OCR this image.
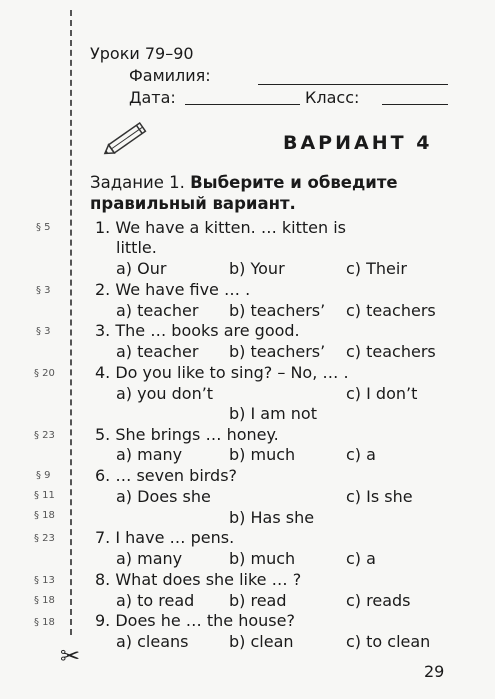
✂
Уроки 79–90
Фамилия:
Дата:	Класс:
ВАРИАНТ 4
Задание 1. Выберите и обведите
правильный вариант.
§ 5	1. We have a kitten. … kitten is
little.
a) Our	b) Your	c) Their
§ 3	2. We have five … .
a) teacher b) teachers’ c) teachers
§ 3	3. The … books are good.
a) teacher b) teachers’ c) teachers
§ 20	4. Do you like to sing? – No, … .
a) you don’t	c) I don’t
b) I am not
§ 23	5. She brings … honey.
a) many	b) much	c) a
§ 9
§ 11
§ 18
6. … seven birds?
a) Does she	c) Is she
b) Has she
§ 23	7. I have … pens.
a) many	b) much	c) a
§ 13
§ 18
8. What does she like … ?
a) to read b) read	c) reads
§ 18	9. Does he … the house?
a) cleans	b) clean	c) to clean
29
